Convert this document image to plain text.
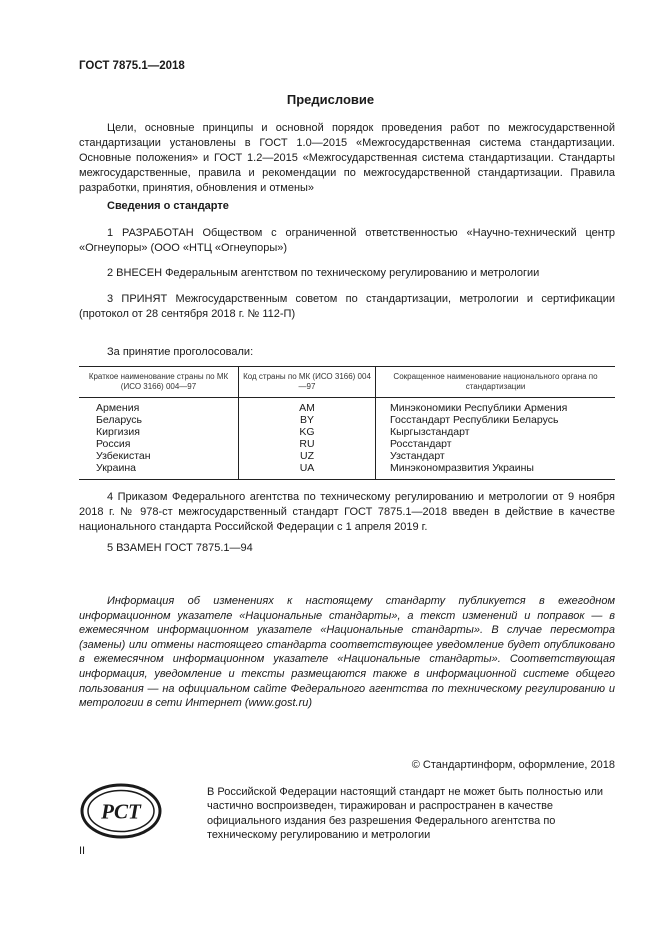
ГОСТ 7875.1—2018
Предисловие
Цели, основные принципы и основной порядок проведения работ по межгосударственной стандартизации установлены в ГОСТ 1.0—2015 «Межгосударственная система стандартизации. Основные положения» и ГОСТ 1.2—2015 «Межгосударственная система стандартизации. Стандарты межгосударственные, правила и рекомендации по межгосударственной стандартизации. Правила разработки, принятия, обновления и отмены»
Сведения о стандарте
1 РАЗРАБОТАН Обществом с ограниченной ответственностью «Научно-технический центр «Огнеупоры» (ООО «НТЦ «Огнеупоры»)
2 ВНЕСЕН Федеральным агентством по техническому регулированию и метрологии
3 ПРИНЯТ Межгосударственным советом по стандартизации, метрологии и сертификации (протокол от 28 сентября 2018 г. № 112-П)
За принятие проголосовали:
Краткое наименование страны по МК (ИСО 3166) 004—97	Код страны по МК (ИСО 3166) 004—97	Сокращенное наименование национального органа по стандартизации
Армения	AM	Минэкономики Республики Армения
Беларусь	BY	Госстандарт Республики Беларусь
Киргизия	KG	Кыргызстандарт
Россия	RU	Росстандарт
Узбекистан	UZ	Узстандарт
Украина	UA	Минэкономразвития Украины
4 Приказом Федерального агентства по техническому регулированию и метрологии от 9 ноября 2018 г. № 978-ст межгосударственный стандарт ГОСТ 7875.1—2018 введен в действие в качестве национального стандарта Российской Федерации с 1 апреля 2019 г.
5 ВЗАМЕН ГОСТ 7875.1—94
Информация об изменениях к настоящему стандарту публикуется в ежегодном информационном указателе «Национальные стандарты», а текст изменений и поправок — в ежемесячном информационном указателе «Национальные стандарты». В случае пересмотра (замены) или отмены настоящего стандарта соответствующее уведомление будет опубликовано в ежемесячном информационном указателе «Национальные стандарты». Соответствующая информация, уведомление и тексты размещаются также в информационной системе общего пользования — на официальном сайте Федерального агентства по техническому регулированию и метрологии в сети Интернет (www.gost.ru)
© Стандартинформ, оформление, 2018
РСТ
В Российской Федерации настоящий стандарт не может быть полностью или частично воспроизведен, тиражирован и распространен в качестве официального издания без разрешения Федерального агентства по техническому регулированию и метрологии
II
